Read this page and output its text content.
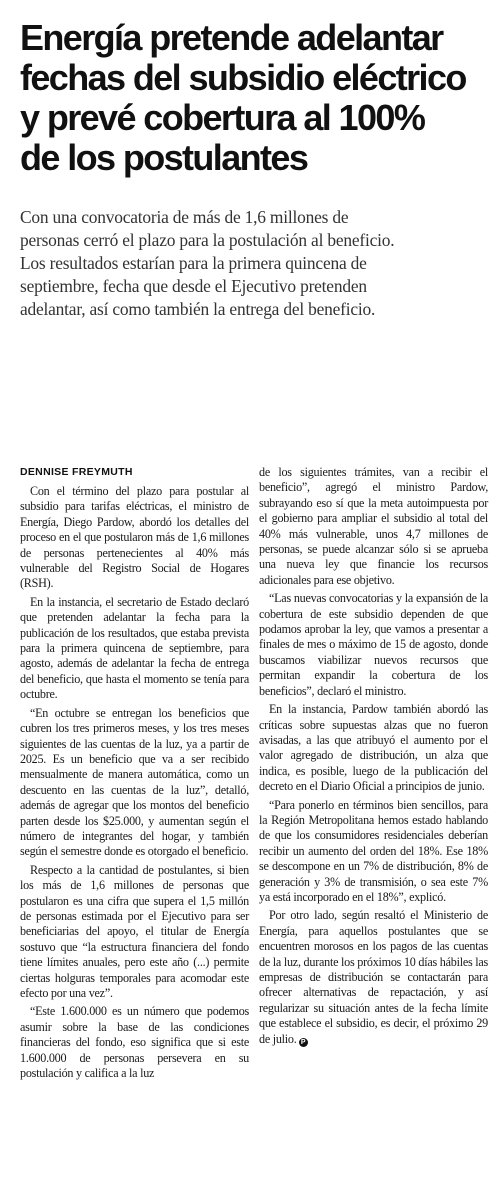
Energía pretende adelantar
fechas del subsidio eléctrico
y prevé cobertura al 100%
de los postulantes
Con una convocatoria de más de 1,6 millones de
personas cerró el plazo para la postulación al beneficio.
Los resultados estarían para la primera quincena de
septiembre, fecha que desde el Ejecutivo pretenden
adelantar, así como también la entrega del beneficio.
DENNISE FREYMUTH

Con el término del plazo para postular al subsidio para tarifas eléctricas, el ministro de Energía, Diego Pardow, abordó los detalles del proceso en el que postularon más de 1,6 millones de personas pertenecientes al 40% más vulnerable del Registro Social de Hogares (RSH).

En la instancia, el secretario de Estado declaró que pretenden adelantar la fecha para la publicación de los resultados, que estaba prevista para la primera quincena de septiembre, para agosto, además de adelantar la fecha de entrega del beneficio, que hasta el momento se tenía para octubre.

“En octubre se entregan los beneficios que cubren los tres primeros meses, y los tres meses siguientes de las cuentas de la luz, ya a partir de 2025. Es un beneficio que va a ser recibido mensualmente de manera automática, como un descuento en las cuentas de la luz”, detalló, además de agregar que los montos del beneficio parten desde los $25.000, y aumentan según el número de integrantes del hogar, y también según el semestre donde es otorgado el beneficio.

Respecto a la cantidad de postulantes, si bien los más de 1,6 millones de personas que postularon es una cifra que supera el 1,5 millón de personas estimada por el Ejecutivo para ser beneficiarias del apoyo, el titular de Energía sostuvo que “la estructura financiera del fondo tiene límites anuales, pero este año (...) permite ciertas holguras temporales para acomodar este efecto por una vez”.

“Este 1.600.000 es un número que podemos asumir sobre la base de las condiciones financieras del fondo, eso significa que si este 1.600.000 de personas persevera en su postulación y califica a la luz

de los siguientes trámites, van a recibir el beneficio”, agregó el ministro Pardow, subrayando eso sí que la meta autoimpuesta por el gobierno para ampliar el subsidio al total del 40% más vulnerable, unos 4,7 millones de personas, se puede alcanzar sólo si se aprueba una nueva ley que financie los recursos adicionales para ese objetivo.

“Las nuevas convocatorias y la expansión de la cobertura de este subsidio dependen de que podamos aprobar la ley, que vamos a presentar a finales de mes o máximo de 15 de agosto, donde buscamos viabilizar nuevos recursos que permitan expandir la cobertura de los beneficios”, declaró el ministro.

En la instancia, Pardow también abordó las críticas sobre supuestas alzas que no fueron avisadas, a las que atribuyó el aumento por el valor agregado de distribución, un alza que indica, es posible, luego de la publicación del decreto en el Diario Oficial a principios de junio.

“Para ponerlo en términos bien sencillos, para la Región Metropolitana hemos estado hablando de que los consumidores residenciales deberían recibir un aumento del orden del 18%. Ese 18% se descompone en un 7% de distribución, 8% de generación y 3% de transmisión, o sea este 7% ya está incorporado en el 18%”, explicó.

Por otro lado, según resaltó el Ministerio de Energía, para aquellos postulantes que se encuentren morosos en los pagos de las cuentas de la luz, durante los próximos 10 días hábiles las empresas de distribución se contactarán para ofrecer alternativas de repactación, y así regularizar su situación antes de la fecha límite que establece el subsidio, es decir, el próximo 29 de julio. P
